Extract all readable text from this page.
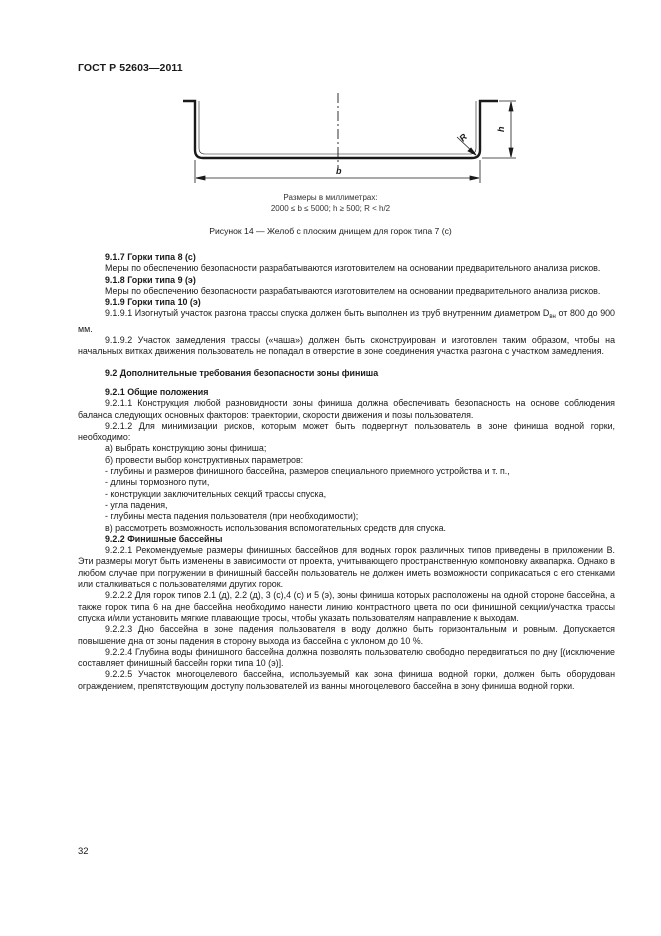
ГОСТ Р 52603—2011
b
h
R
Размеры в миллиметрах:
2000 ≤ b ≤ 5000; h ≥ 500; R < h/2
Рисунок 14 — Желоб с плоским днищем для горок типа 7 (с)

9.1.7 Горки типа 8 (с)

Меры по обеспечению безопасности разрабатываются изготовителем на основании предварительного анализа рисков.

9.1.8 Горки типа 9 (э)

Меры по обеспечению безопасности разрабатываются изготовителем на основании предварительного анализа рисков.

9.1.9 Горки типа 10 (э)

9.1.9.1 Изогнутый участок разгона трассы спуска должен быть выполнен из труб внутренним диаметром $D_{вн}$ от 800 до 900 мм.

9.1.9.2 Участок замедления трассы («чаша») должен быть сконструирован и изготовлен таким образом, чтобы на начальных витках движения пользователь не попадал в отверстие в зоне соединения участка разгона с участком замедления.

9.2 Дополнительные требования безопасности зоны финиша

9.2.1 Общие положения

9.2.1.1 Конструкция любой разновидности зоны финиша должна обеспечивать безопасность на основе соблюдения баланса следующих основных факторов: траектории, скорости движения и позы пользователя.

9.2.1.2 Для минимизации рисков, которым может быть подвергнут пользователь в зоне финиша водной горки, необходимо:

а) выбрать конструкцию зоны финиша;

б) провести выбор конструктивных параметров:

- глубины и размеров финишного бассейна, размеров специального приемного устройства и т. п.,

- длины тормозного пути,

- конструкции заключительных секций трассы спуска,

- угла падения,

- глубины места падения пользователя (при необходимости);

в) рассмотреть возможность использования вспомогательных средств для спуска.

9.2.2 Финишные бассейны

9.2.2.1 Рекомендуемые размеры финишных бассейнов для водных горок различных типов приведены в приложении В. Эти размеры могут быть изменены в зависимости от проекта, учитывающего пространственную компоновку аквапарка. Однако в любом случае при погружении в финишный бассейн пользователь не должен иметь возможности соприкасаться с его стенками или сталкиваться с пользователями других горок.

9.2.2.2 Для горок типов 2.1 (д), 2.2 (д), 3 (с),4 (с) и 5 (э), зоны финиша которых расположены на одной стороне бассейна, а также горок типа 6 на дне бассейна необходимо нанести линию контрастного цвета по оси финишной секции/участка трассы спуска и/или установить мягкие плавающие тросы, чтобы указать пользователям направление к выходам.

9.2.2.3 Дно бассейна в зоне падения пользователя в воду должно быть горизонтальным и ровным. Допускается повышение дна от зоны падения в сторону выхода из бассейна с уклоном до 10 %.

9.2.2.4 Глубина воды финишного бассейна должна позволять пользователю свободно передвигаться по дну [(исключение составляет финишный бассейн горки типа 10 (э)].

9.2.2.5 Участок многоцелевого бассейна, используемый как зона финиша водной горки, должен быть оборудован ограждением, препятствующим доступу пользователей из ванны многоцелевого бассейна в зону финиша водной горки.

32
